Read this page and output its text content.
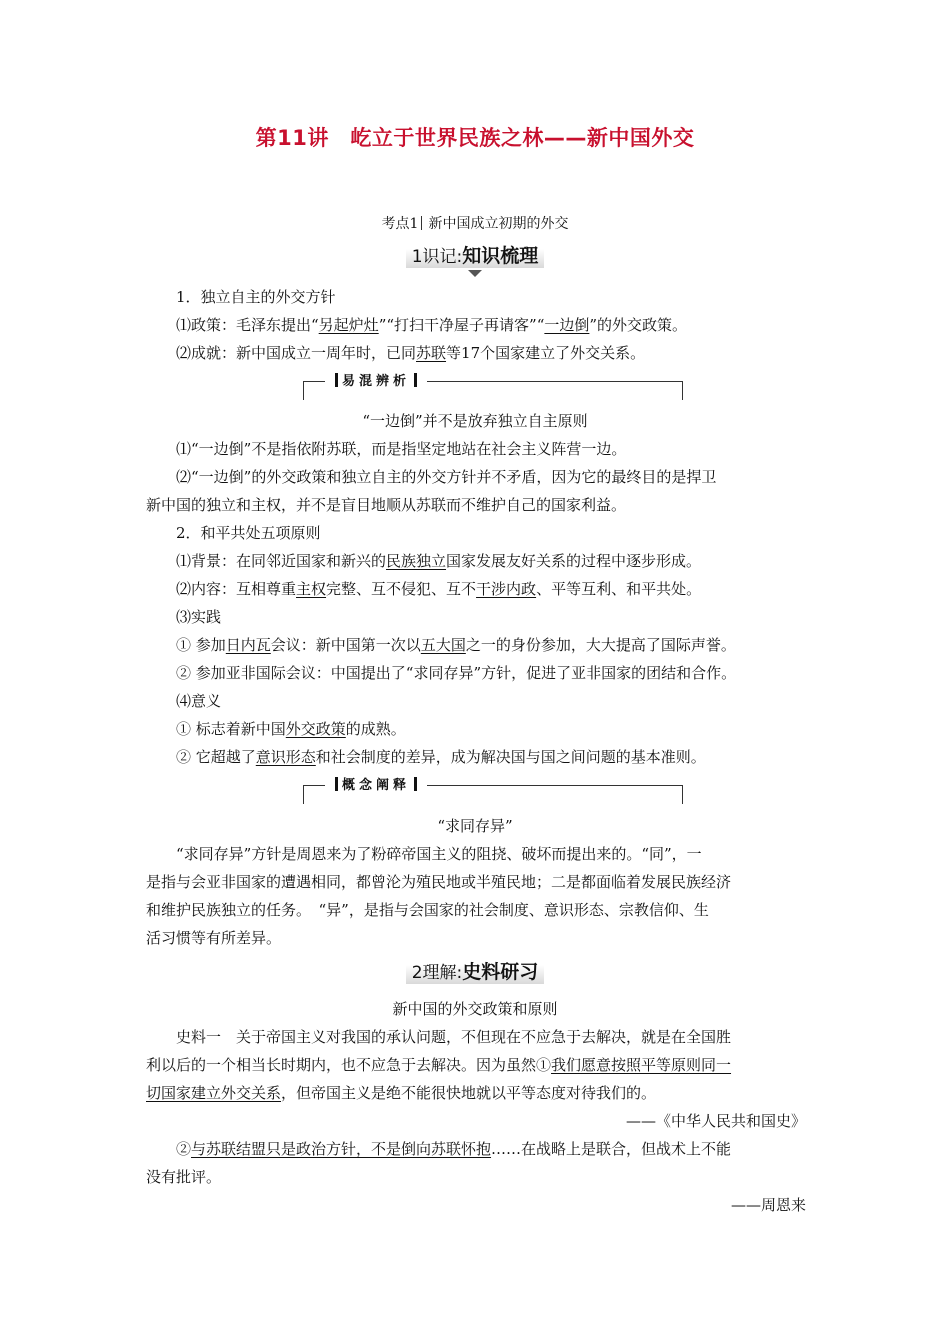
第11讲　屹立于世界民族之林——新中国外交
考点1 新中国成立初期的外交
1识记:知识梳理
1．独立自主的外交方针
⑴政策：毛泽东提出“另起炉灶”“打扫干净屋子再请客”“一边倒”的外交政策。
⑵成就：新中国成立一周年时，已同苏联等17个国家建立了外交关系。
易混辨析
“一边倒”并不是放弃独立自主原则
⑴“一边倒”不是指依附苏联，而是指坚定地站在社会主义阵营一边。
⑵“一边倒”的外交政策和独立自主的外交方针并不矛盾，因为它的最终目的是捍卫
新中国的独立和主权，并不是盲目地顺从苏联而不维护自己的国家利益。
2．和平共处五项原则
⑴背景：在同邻近国家和新兴的民族独立国家发展友好关系的过程中逐步形成。
⑵内容：互相尊重主权完整、互不侵犯、互不干涉内政、平等互利、和平共处。
⑶实践
① 参加日内瓦会议：新中国第一次以五大国之一的身份参加，大大提高了国际声誉。
② 参加亚非国际会议：中国提出了“求同存异”方针，促进了亚非国家的团结和合作。
⑷意义
① 标志着新中国外交政策的成熟。
② 它超越了意识形态和社会制度的差异，成为解决国与国之间问题的基本准则。
概念阐释
“求同存异”
“求同存异”方针是周恩来为了粉碎帝国主义的阻挠、破坏而提出来的。“同”，一
是指与会亚非国家的遭遇相同，都曾沦为殖民地或半殖民地；二是都面临着发展民族经济
和维护民族独立的任务。　“异”，是指与会国家的社会制度、意识形态、宗教信仰、生
活习惯等有所差异。
2理解:史料研习
新中国的外交政策和原则
史料一　关于帝国主义对我国的承认问题，不但现在不应急于去解决，就是在全国胜
利以后的一个相当长时期内，也不应急于去解决。因为虽然①我们愿意按照平等原则同一
切国家建立外交关系，但帝国主义是绝不能很快地就以平等态度对待我们的。
——《中华人民共和国史》
②与苏联结盟只是政治方针，不是倒向苏联怀抱……在战略上是联合，但战术上不能
没有批评。
——周恩来
